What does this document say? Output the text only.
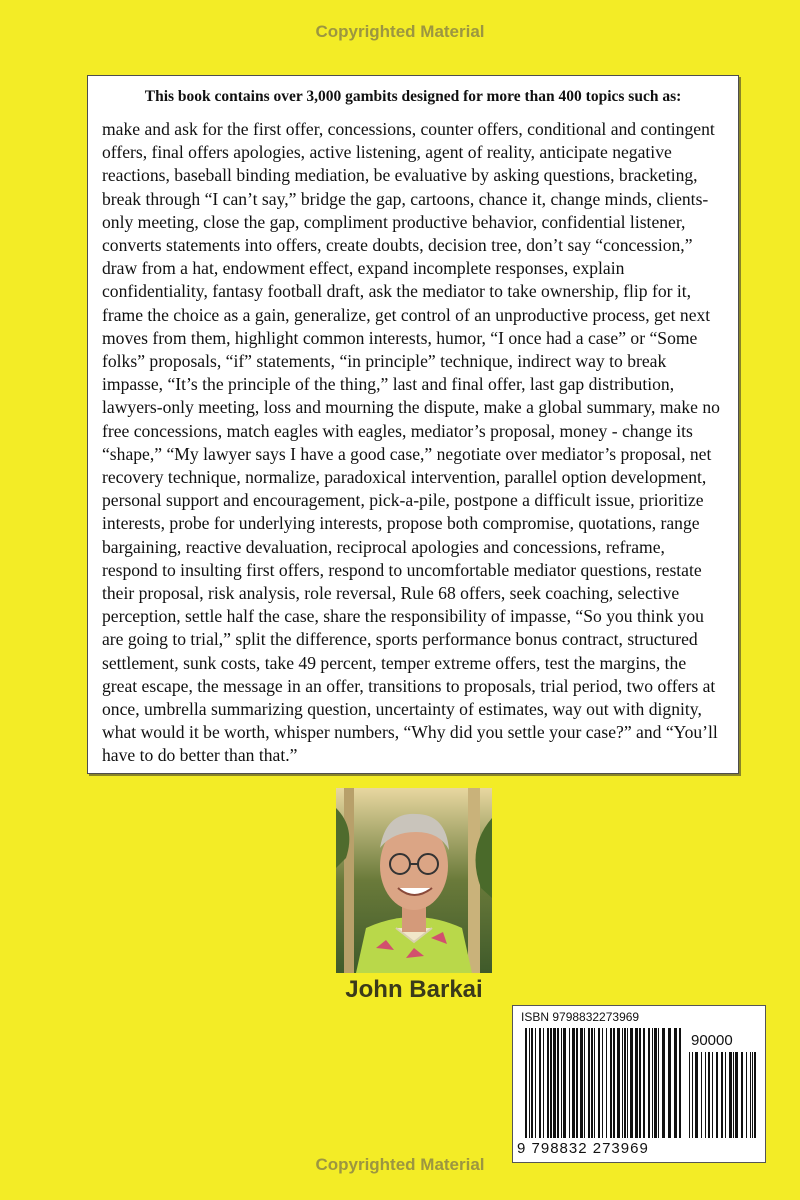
Copyrighted Material

This book contains over 3,000 gambits designed for more than 400 topics such as:

make and ask for the first offer, concessions, counter offers, conditional and contingent offers, final offers apologies, active listening, agent of reality, anticipate negative reactions, baseball binding mediation, be evaluative by asking questions, bracketing, break through “I can’t say,” bridge the gap, cartoons, chance it, change minds, clients-only meeting, close the gap, compliment productive behavior, confidential listener, converts statements into offers, create doubts, decision tree, don’t say “concession,” draw from a hat, endowment effect, expand incomplete responses, explain confidentiality, fantasy football draft, ask the mediator to take ownership, flip for it, frame the choice as a gain, generalize, get control of an unproductive process, get next moves from them, highlight common interests, humor, “I once had a case” or “Some folks” proposals, “if” statements, “in principle” technique, indirect way to break impasse, “It’s the principle of the thing,” last and final offer, last gap distribution, lawyers-only meeting, loss and mourning the dispute, make a global summary, make no free concessions, match eagles with eagles, mediator’s proposal, money - change its “shape,” “My lawyer says I have a good case,” negotiate over mediator’s proposal, net recovery technique, normalize, paradoxical intervention, parallel option development, personal support and encouragement, pick-a-pile, postpone a difficult issue, prioritize interests, probe for underlying interests, propose both compromise, quotations, range bargaining, reactive devaluation, reciprocal apologies and concessions, reframe, respond to insulting first offers, respond to uncomfortable mediator questions, restate their proposal, risk analysis, role reversal, Rule 68 offers, seek coaching, selective perception, settle half the case, share the responsibility of impasse, “So you think you are going to trial,” split the difference, sports performance bonus contract, structured settlement, sunk costs, take 49 percent, temper extreme offers, test the margins, the great escape, the message in an offer, transitions to proposals, trial period, two offers at once, umbrella summarizing question, uncertainty of estimates, way out with dignity, what would it be worth, whisper numbers, “Why did you settle your case?” and “You’ll have to do better than that.”

John Barkai
ISBN 9798832273969
90000
9 798832 273969
Copyrighted Material
